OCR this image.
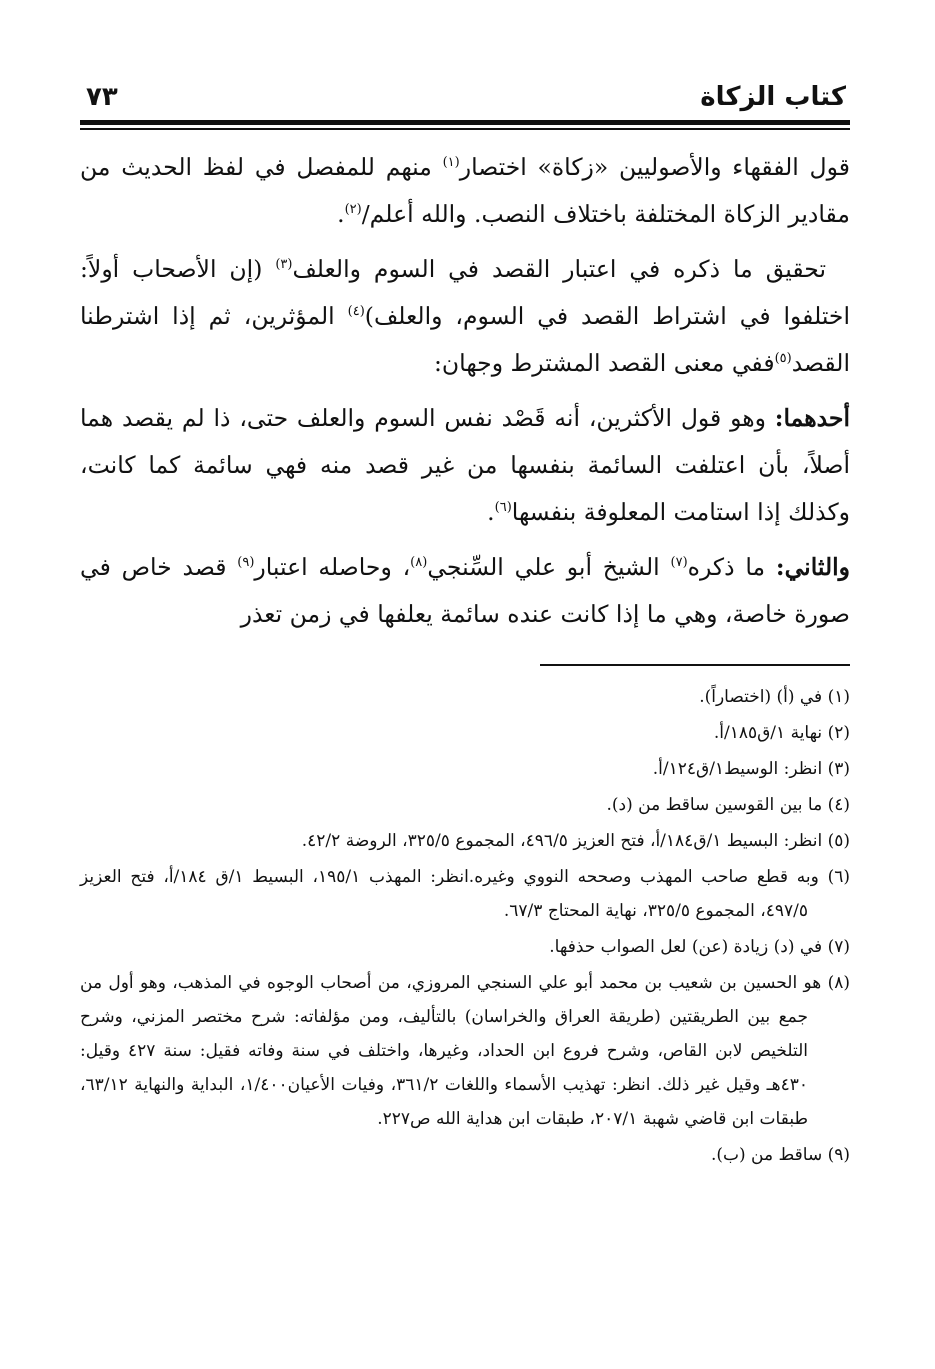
كتاب الزكاة
٧٣

قول الفقهاء والأصوليين «زكاة» اختصار$^{(١)}$ منهم للمفصل في لفظ الحديث من مقادير الزكاة المختلفة باختلاف النصب. والله أعلم/$^{(٢)}$.

تحقيق ما ذكره في اعتبار القصد في السوم والعلف$^{(٣)}$ (إن الأصحاب أولاً: اختلفوا في اشتراط القصد في السوم، والعلف)$^{(٤)}$ المؤثرين، ثم إذا اشترطنا القصد$^{(٥)}$ففي معنى القصد المشترط وجهان:

أحدهما: وهو قول الأكثرين، أنه قَصْد نفس السوم والعلف حتى، ذا لم يقصد هما أصلاً، بأن اعتلفت السائمة بنفسها من غير قصد منه فهي سائمة كما كانت، وكذلك إذا استامت المعلوفة بنفسها$^{(٦)}$.

والثاني: ما ذكره$^{(٧)}$ الشيخ أبو علي السِّنجي$^{(٨)}$، وحاصله اعتبار$^{(٩)}$ قصد خاص في صورة خاصة، وهي ما إذا كانت عنده سائمة يعلفها في زمن تعذر

(١) في (أ) (اختصاراً).

(٢) نهاية ١/ق١٨٥/أ.

(٣) انظر: الوسيط١/ق١٢٤/أ.

(٤) ما بين القوسين ساقط من (د).

(٥) انظر: البسيط ١/ق١٨٤/أ، فتح العزيز ٤٩٦/٥، المجموع ٣٢٥/٥، الروضة ٤٢/٢.

(٦) وبه قطع صاحب المهذب وصححه النووي وغيره.انظر: المهذب ١٩٥/١، البسيط ١/ق ١٨٤/أ، فتح العزيز ٤٩٧/٥، المجموع ٣٢٥/٥، نهاية المحتاج ٦٧/٣.

(٧) في (د) زيادة (عن) لعل الصواب حذفها.

(٨) هو الحسين بن شعيب بن محمد أبو علي السنجي المروزي، من أصحاب الوجوه في المذهب، وهو أول من جمع بين الطريقتين (طريقة العراق والخراسان) بالتأليف، ومن مؤلفاته: شرح مختصر المزني، وشرح التلخيص لابن القاص، وشرح فروع ابن الحداد، وغيرها، واختلف في سنة وفاته فقيل: سنة ٤٢٧ وقيل: ٤٣٠هـ وقيل غير ذلك. انظر: تهذيب الأسماء واللغات ٣٦١/٢، وفيات الأعيان١/٤٠٠، البداية والنهاية ٦٣/١٢، طبقات ابن قاضي شهبة ٢٠٧/١، طبقات ابن هداية الله ص٢٢٧.

(٩) ساقط من (ب).
